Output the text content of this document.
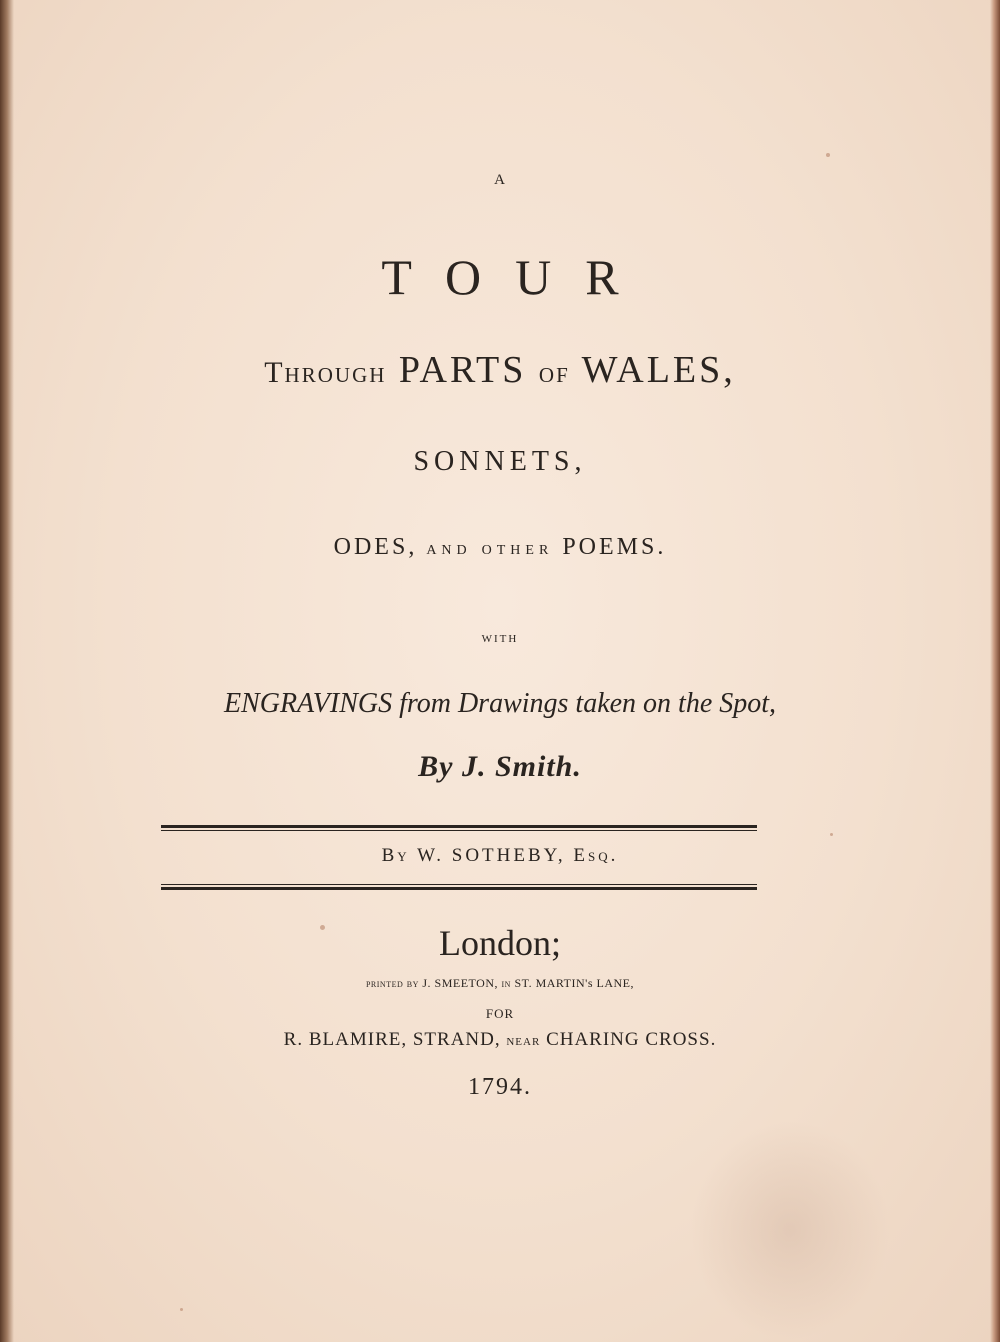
A
TOUR
Through PARTS of WALES,
SONNETS,
ODES, and other POEMS.
WITH
ENGRAVINGS from Drawings taken on the Spot,
By J. Smith.
By W. SOTHEBY, Esq.
London;
printed by J. SMEETON, in ST. MARTIN's LANE,
FOR
R. BLAMIRE, STRAND, near CHARING CROSS.
1794.
